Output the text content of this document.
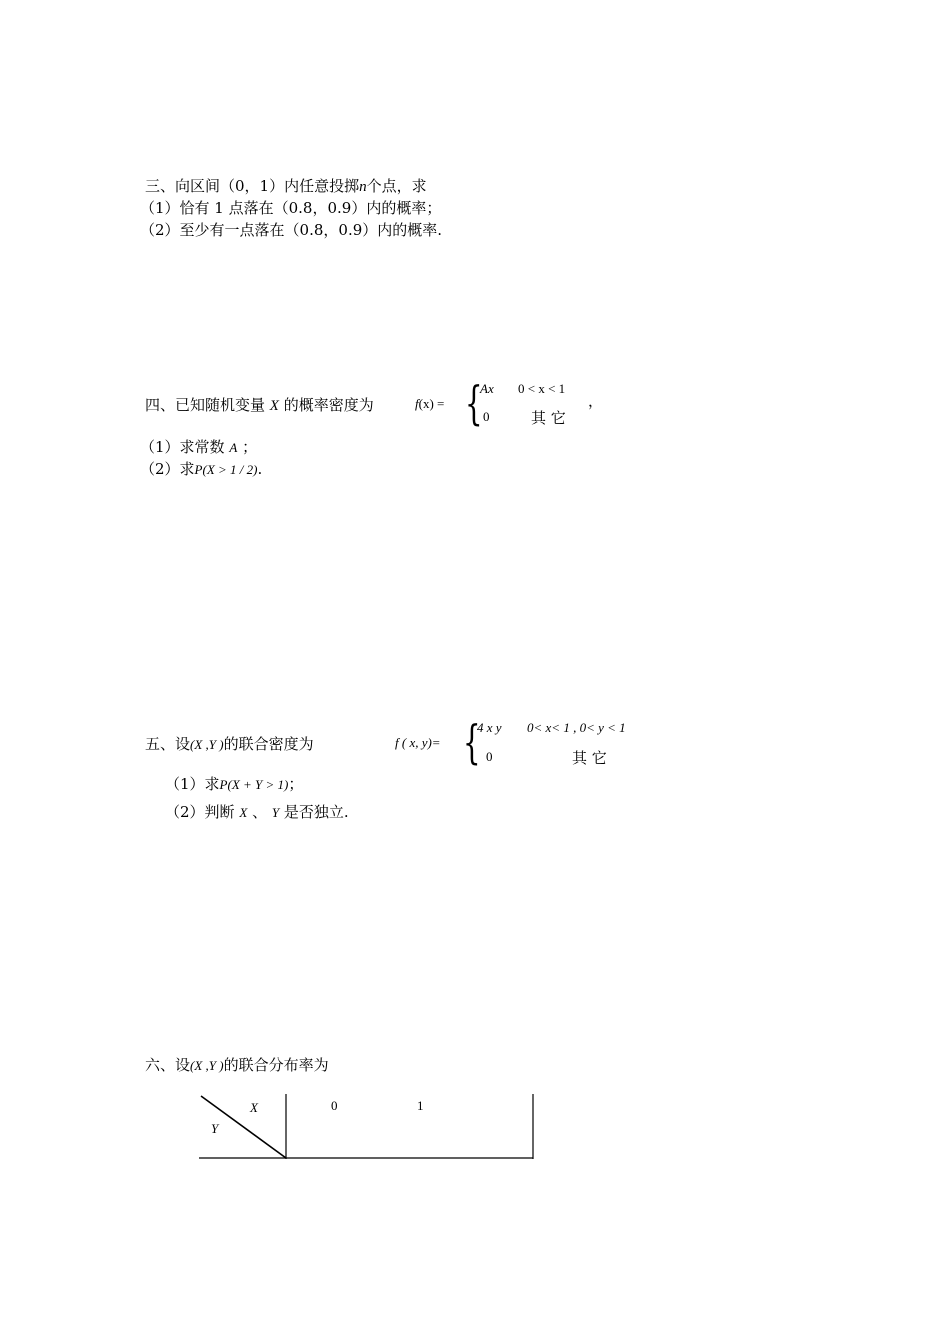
三、向区间（0，1）内任意投掷n个点，求
（1）恰有 1 点落在（0.8，0.9）内的概率；
（2）至少有一点落在（0.8，0.9）内的概率.
四、已知随机变量 X 的概率密度为	f(x) = {
Ax 0 < x < 1
0	其 它
，
（1）求常数 A ；
（2）求P(X > 1 / 2).
五、设(X ,Y )的联合密度为	f ( x, y)= {
4 x y 0< x< 1 , 0< y < 1
0	其 它
（1）求P(X + Y > 1)；
（2）判断 X 、 Y 是否独立.
六、设(X ,Y )的联合分布率为
X
Y
0	1
